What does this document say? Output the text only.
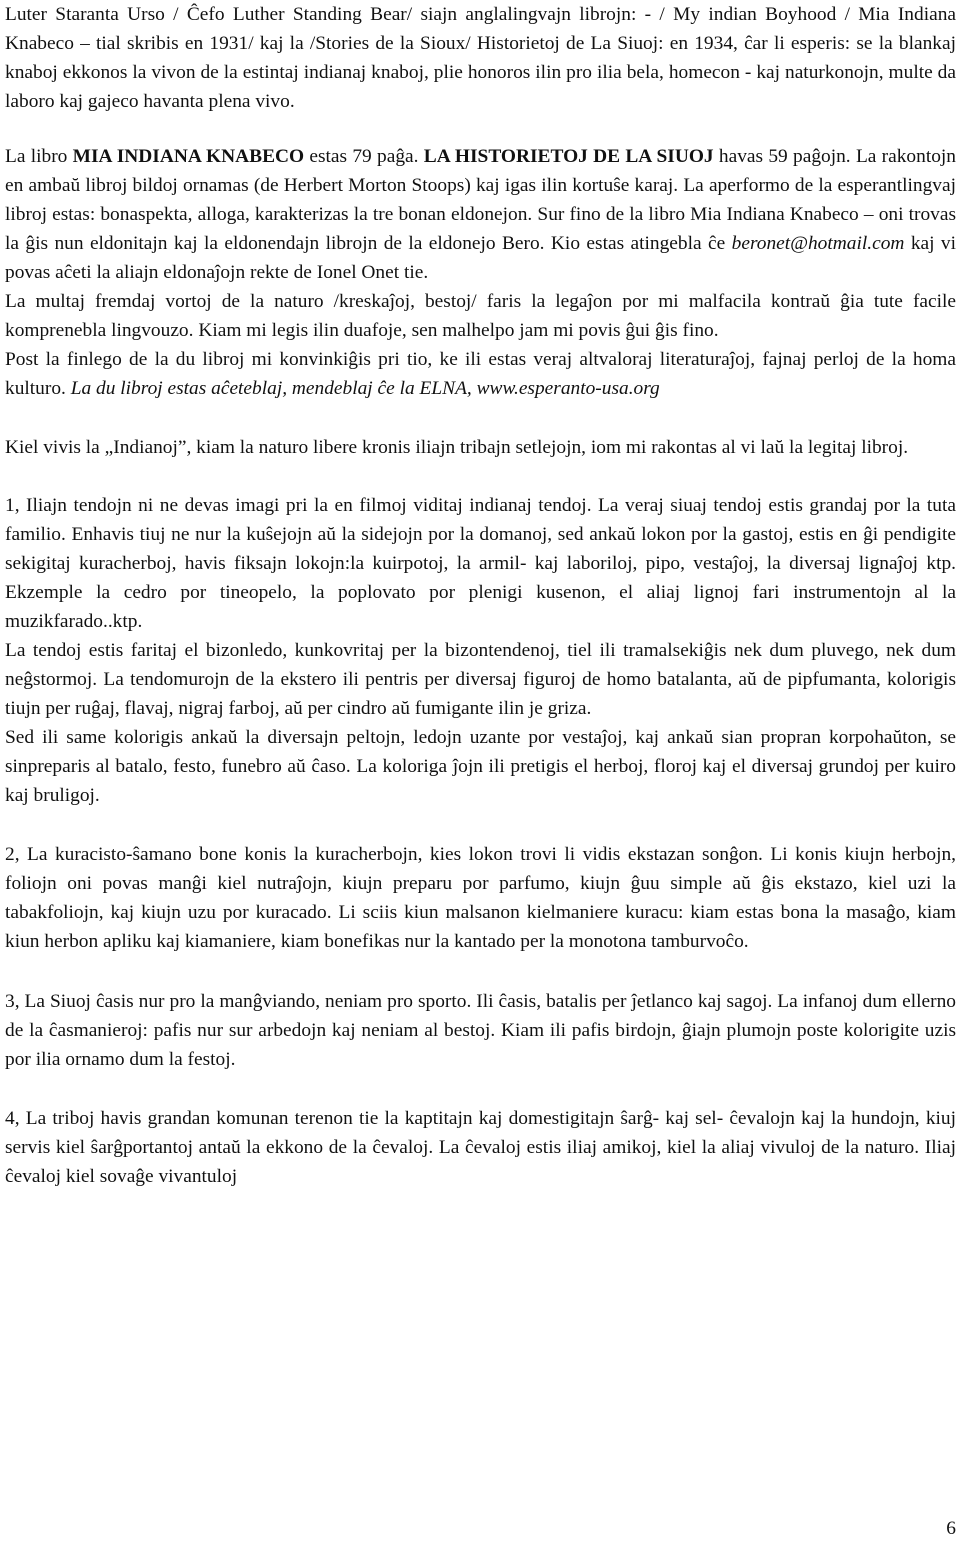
Luter Staranta Urso / Ĉefo Luther Standing Bear/ siajn anglalingvajn librojn: - / My indian Boyhood / Mia Indiana Knabeco – tial skribis en 1931/ kaj la /Stories de la Sioux/ Historietoj de La Siuoj: en 1934, ĉar li esperis: se la blankaj knaboj ekkonos la vivon de la estintaj indianaj knaboj, plie honoros ilin pro ilia bela, homecon - kaj naturkonojn, multe da laboro kaj gajeco havanta plena vivo.

La libro MIA INDIANA KNABECO estas 79 paĝa. LA HISTORIETOJ DE LA SIUOJ havas 59 paĝojn. La rakontojn en ambaŭ libroj bildoj ornamas (de Herbert Morton Stoops) kaj igas ilin kortuŝe karaj. La aperformo de la esperantlingvaj libroj estas: bonaspekta, alloga, karakterizas la tre bonan eldonejon. Sur fino de la libro Mia Indiana Knabeco – oni trovas la ĝis nun eldonitajn kaj la eldonendajn librojn de la eldonejo Bero. Kio estas atingebla ĉe beronet@hotmail.com kaj vi povas aĉeti la aliajn eldonaĵojn rekte de Ionel Onet tie.

La multaj fremdaj vortoj de la naturo /kreskaĵoj, bestoj/ faris la legaĵon por mi malfacila kontraŭ ĝia tute facile komprenebla lingvouzo. Kiam mi legis ilin duafoje, sen malhelpo jam mi povis ĝui ĝis fino.

Post la finlego de la du libroj mi konvinkiĝis pri tio, ke ili estas veraj altvaloraj literaturaĵoj, fajnaj perloj de la homa kulturo. La du libroj estas aĉeteblaj, mendeblaj ĉe la ELNA, www.esperanto-usa.org

Kiel vivis la „Indianoj”, kiam la naturo libere kronis iliajn tribajn setlejojn, iom mi rakontas al vi laŭ la legitaj libroj.

1, Iliajn tendojn ni ne devas imagi pri la en filmoj viditaj indianaj tendoj. La veraj siuaj tendoj estis grandaj por la tuta familio. Enhavis tiuj ne nur la kuŝejojn aŭ la sidejojn por la domanoj, sed ankaŭ lokon por la gastoj, estis en ĝi pendigite sekigitaj kuracherboj, havis fiksajn lokojn:la kuirpotoj, la armil- kaj laboriloj, pipo, vestaĵoj, la diversaj lignaĵoj ktp. Ekzemple la cedro por tineopelo, la poplovato por plenigi kusenon, el aliaj lignoj fari instrumentojn al la muzikfarado..ktp.

La tendoj estis faritaj el bizonledo, kunkovritaj per la bizontendenoj, tiel ili tramalsekiĝis nek dum pluvego, nek dum neĝstormoj. La tendomurojn de la ekstero ili pentris per diversaj figuroj de homo batalanta, aŭ de pipfumanta, kolorigis tiujn per ruĝaj, flavaj, nigraj farboj, aŭ per cindro aŭ fumigante ilin je griza.

Sed ili same kolorigis ankaŭ la diversajn peltojn, ledojn uzante por vestaĵoj, kaj ankaŭ sian propran korpohaŭton, se sinpreparis al batalo, festo, funebro aŭ ĉaso. La koloriga ĵojn ili pretigis el herboj, floroj kaj el diversaj grundoj per kuiro kaj bruligoj.

2, La kuracisto-ŝamano bone konis la kuracherbojn, kies lokon trovi li vidis ekstazan sonĝon. Li konis kiujn herbojn, foliojn oni povas manĝi kiel nutraĵojn, kiujn preparu por parfumo, kiujn ĝuu simple aŭ ĝis ekstazo, kiel uzi la tabakfoliojn, kaj kiujn uzu por kuracado. Li sciis kiun malsanon kielmaniere kuracu: kiam estas bona la masaĝo, kiam kiun herbon apliku kaj kiamaniere, kiam bonefikas nur la kantado per la monotona tamburvoĉo.

3, La Siuoj ĉasis nur pro la manĝviando, neniam pro sporto. Ili ĉasis, batalis per ĵetlanco kaj sagoj. La infanoj dum ellerno de la ĉasmanieroj: pafis nur sur arbedojn kaj neniam al bestoj. Kiam ili pafis birdojn, ĝiajn plumojn poste kolorigite uzis por ilia ornamo dum la festoj.

4, La triboj havis grandan komunan terenon tie la kaptitajn kaj domestigitajn ŝarĝ- kaj sel- ĉevalojn kaj la hundojn, kiuj servis kiel ŝarĝportantoj antaŭ la ekkono de la ĉevaloj. La ĉevaloj estis iliaj amikoj, kiel la aliaj vivuloj de la naturo. Iliaj ĉevaloj kiel sovaĝe vivantuloj

6
